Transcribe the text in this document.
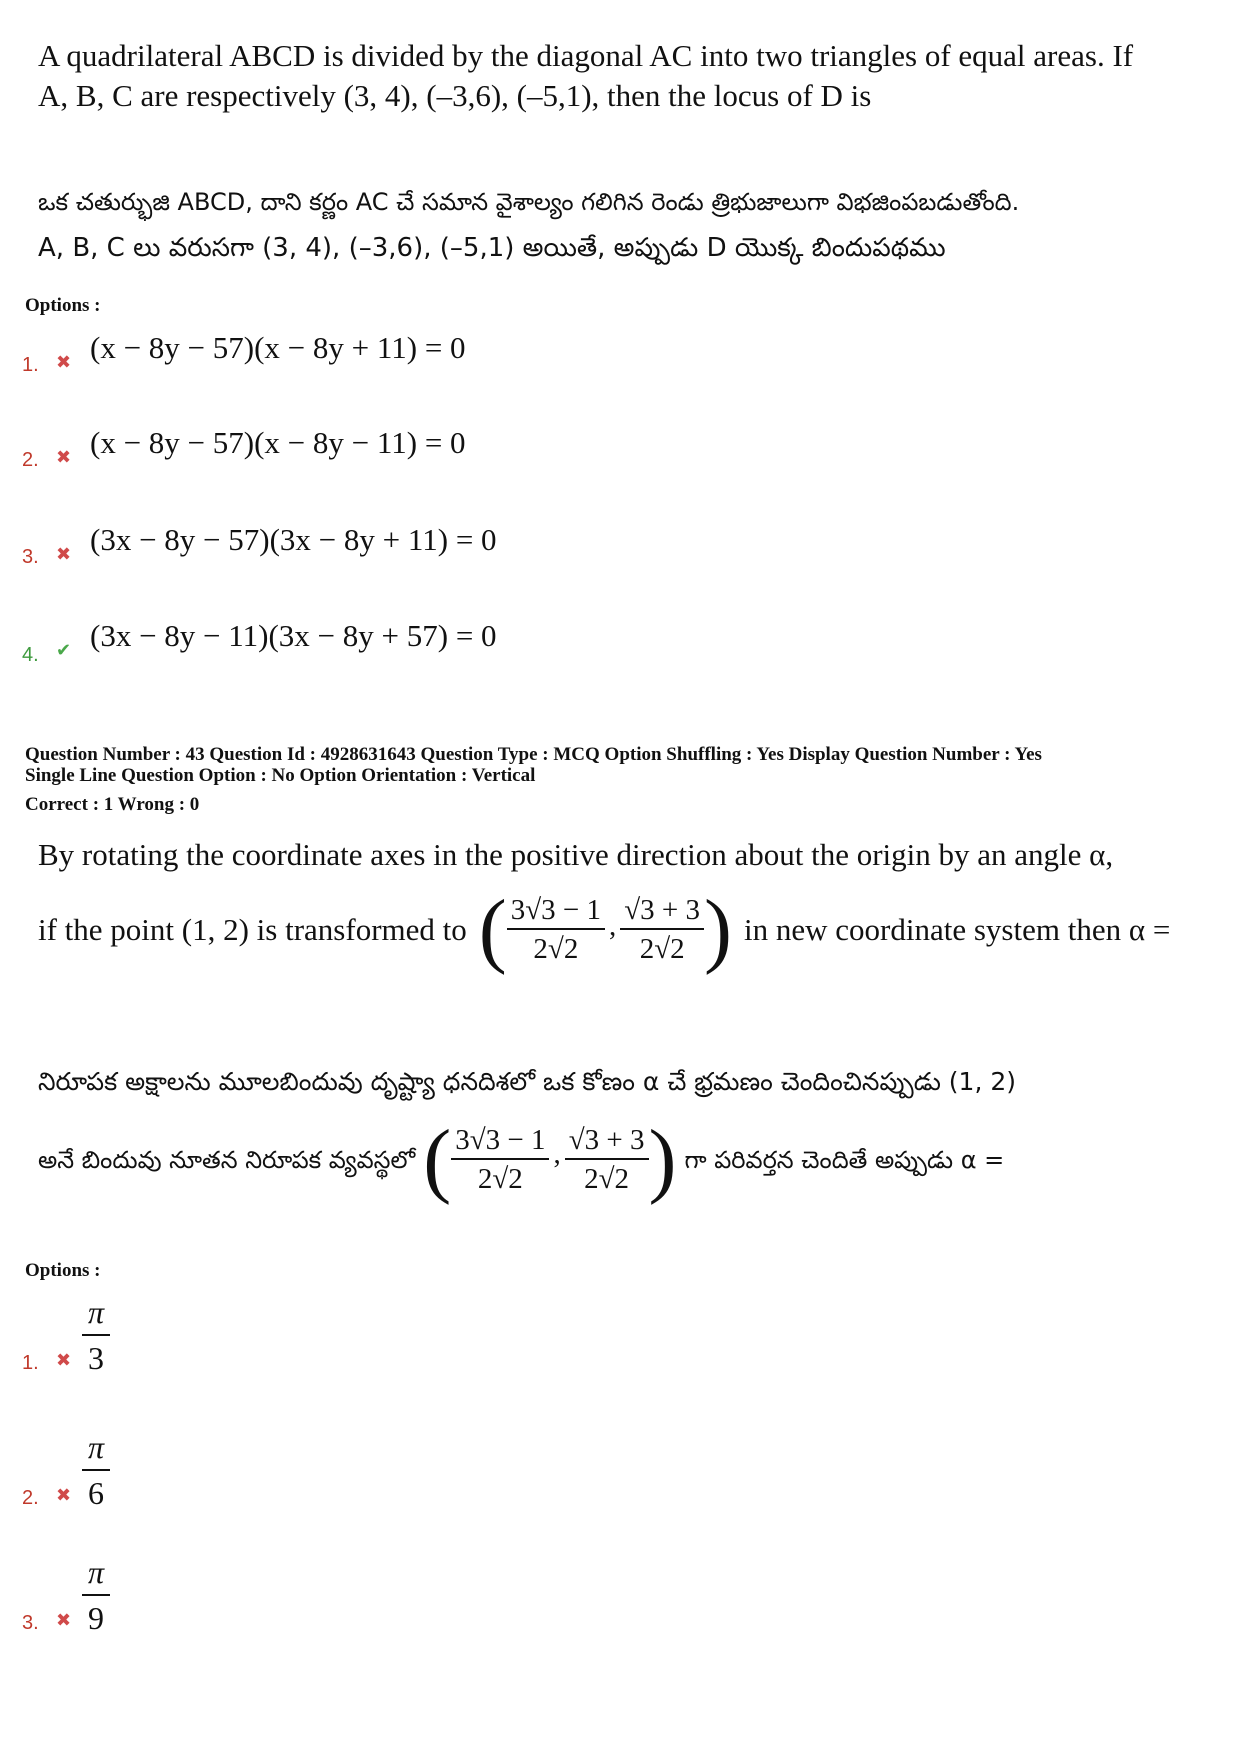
A quadrilateral ABCD is divided by the diagonal AC into two triangles of equal areas. If
A, B, C are respectively (3, 4), (–3,6), (–5,1), then the locus of D is
ఒక చతుర్భుజి ABCD, దాని కర్ణం AC చే సమాన వైశాల్యం గలిగిన రెండు త్రిభుజాలుగా విభజింపబడుతోంది.
A, B, C లు వరుసగా (3, 4), (–3,6), (–5,1) అయితే, అప్పుడు D యొక్క బిందుపథము
Options :
1. ✖ (x − 8y − 57)(x − 8y + 11) = 0
2. ✖ (x − 8y − 57)(x − 8y − 11) = 0
3. ✖ (3x − 8y − 57)(3x − 8y + 11) = 0
4. ✔ (3x − 8y − 11)(3x − 8y + 57) = 0
Question Number : 43 Question Id : 4928631643 Question Type : MCQ Option Shuffling : Yes Display Question Number : Yes
Single Line Question Option : No Option Orientation : Vertical
Correct : 1 Wrong : 0
By rotating the coordinate axes in the positive direction about the origin by an angle α,
if the point (1, 2) is transformed to ( $\frac{3√3 - 1}{2√2}$ , $\frac{√3 + 3}{2√2}$ ) in new coordinate system then α =
నిరూపక అక్షాలను మూలబిందువు దృష్ట్యా ధనదిశలో ఒక కోణం α చే భ్రమణం చెందించినప్పుడు (1, 2)
అనే బిందువు నూతన నిరూపక వ్యవస్థలో ( $\frac{3√3 - 1}{2√2}$ , $\frac{√3 + 3}{2√2}$ ) గా పరివర్తన చెందితే అప్పుడు α =
Options :
1. ✖ $\frac{\pi}{3}$
2. ✖ $\frac{\pi}{6}$
3. ✖ $\frac{\pi}{9}$
